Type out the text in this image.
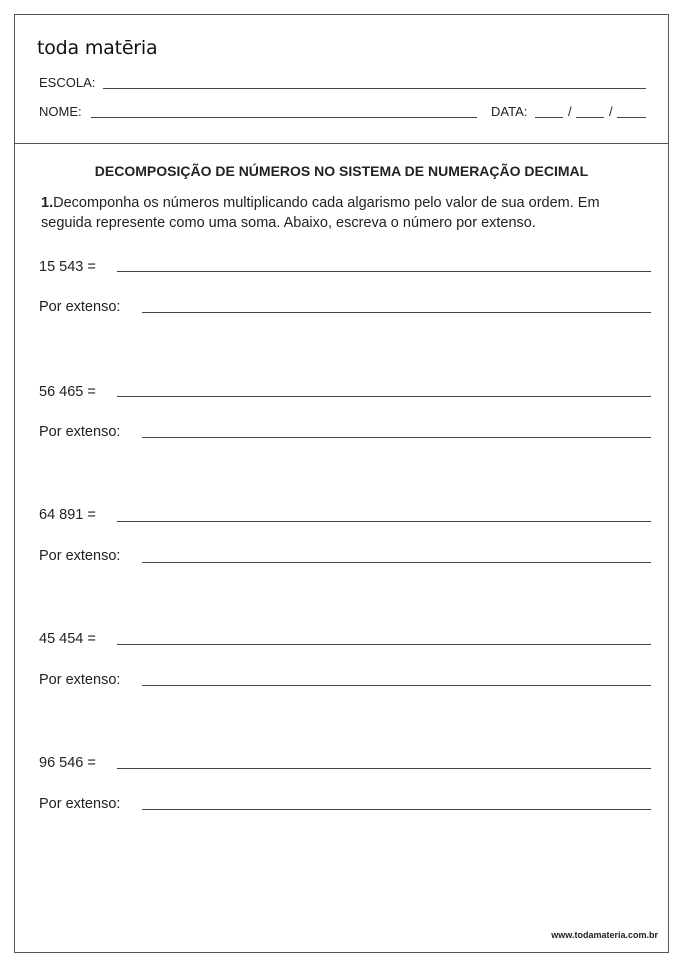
toda matēria
ESCOLA:
NOME:	DATA:	/	/
DECOMPOSIÇÃO DE NÚMEROS NO SISTEMA DE NUMERAÇÃO DECIMAL
1.Decomponha os números multiplicando cada algarismo pelo valor de sua ordem. Em seguida represente como uma soma. Abaixo, escreva o número por extenso.
15 543 =
Por extenso:
56 465 =
Por extenso:
64 891 =
Por extenso:
45 454 =
Por extenso:
96 546 =
Por extenso:
www.todamateria.com.br
